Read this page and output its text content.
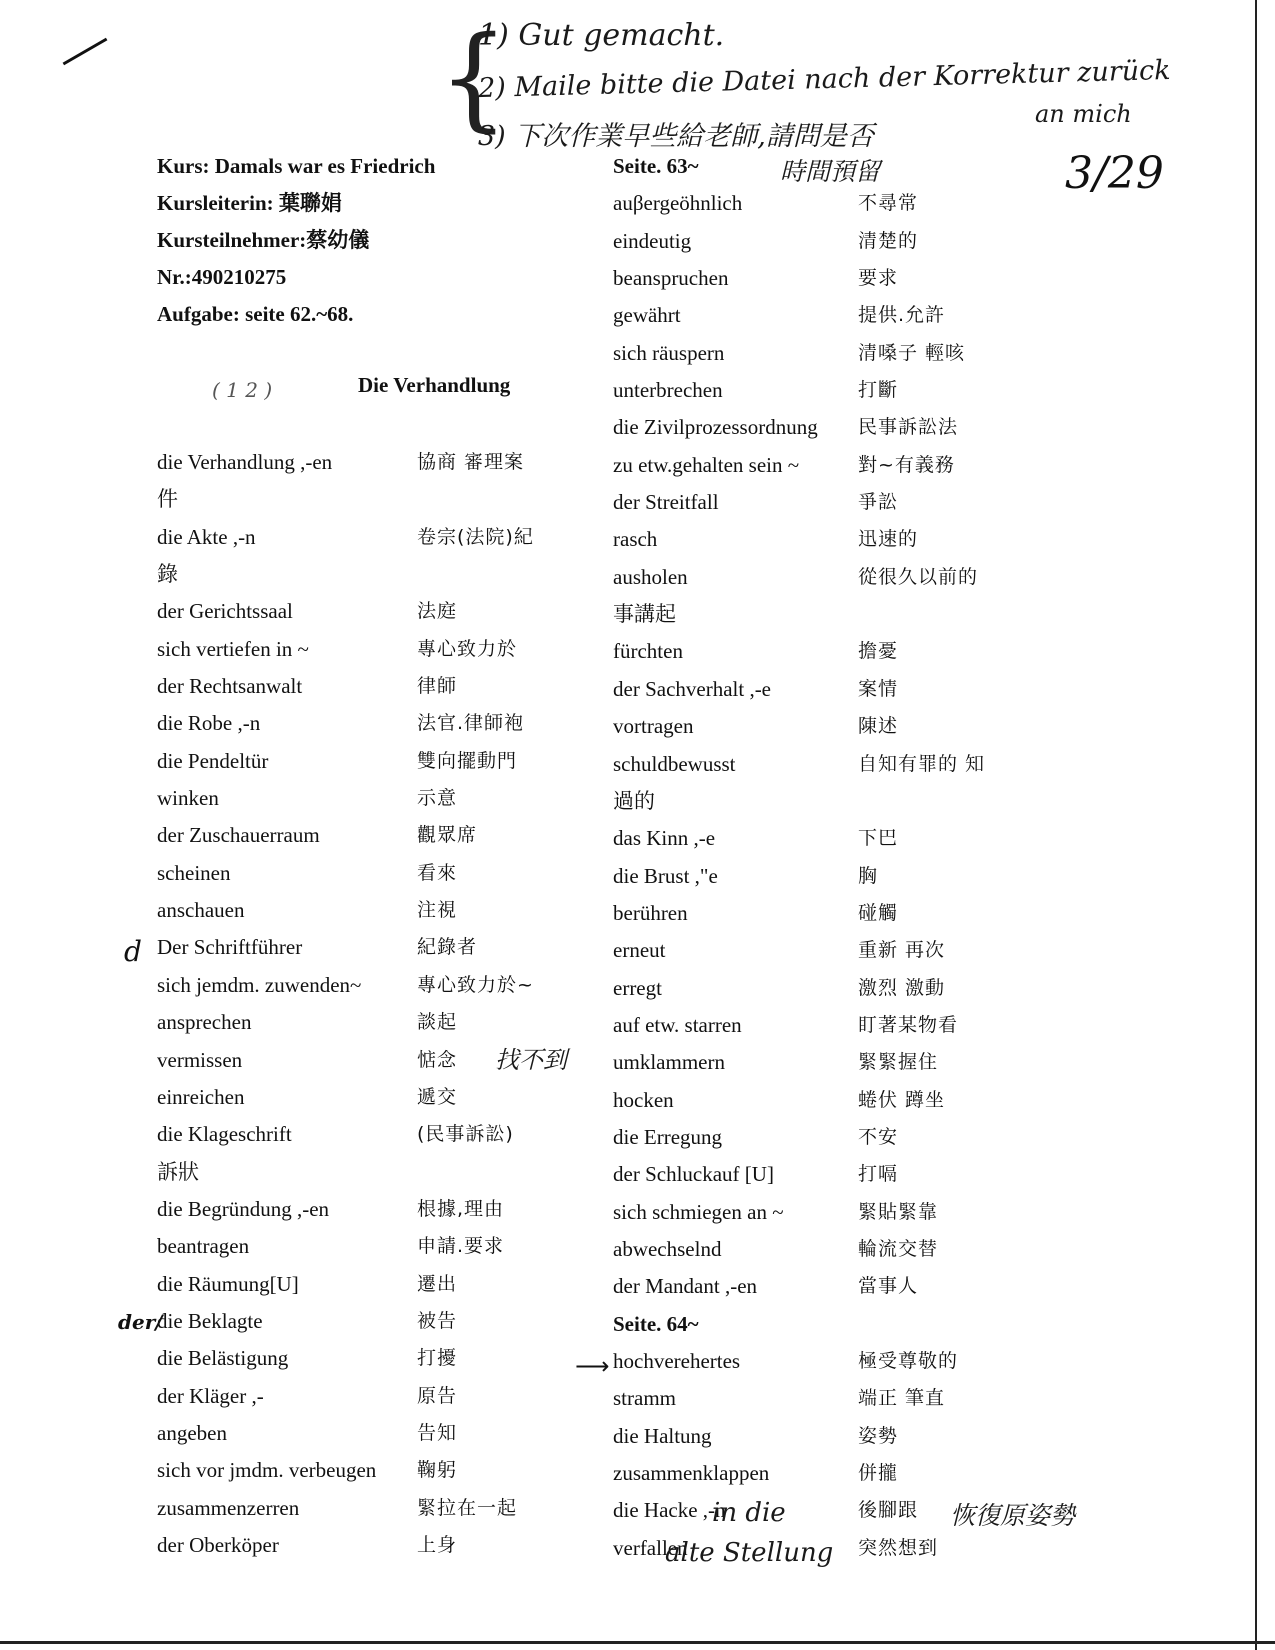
{
1) Gut gemacht.
2) Maile bitte die Datei nach der Korrektur zurück
an mich
3) 下次作業早些給老師,請問是否
時間預留	3/29
Kurs: Damals war es Friedrich
Kursleiterin: 葉聯娟
Kursteilnehmer:蔡幼儀
Nr.:490210275
Aufgabe: seite 62.~68.
( 1 2 )	Die Verhandlung
die Verhandlung ,-en	協商 審理案
件
die Akte ,-n	卷宗(法院)紀
錄
der Gerichtssaal	法庭
sich vertiefen in ~	專心致力於
der Rechtsanwalt	律師
die Robe ,-n	法官.律師袍
die Pendeltür	雙向擺動門
winken	示意
der Zuschauerraum	觀眾席
scheinen	看來
anschauen	注視
Der Schriftführer	紀錄者
sich jemdm. zuwenden~	專心致力於~
ansprechen	談起
vermissen	惦念
einreichen	遞交
die Klageschrift	(民事訴訟)
訴狀
die Begründung ,-en	根據,理由
beantragen	申請.要求
die Räumung[U]	遷出
die Beklagte	被告
die Belästigung	打擾
der Kläger ,-	原告
angeben	告知
sich vor jmdm. verbeugen 鞠躬
zusammenzerren	緊拉在一起
der Oberköper	上身
Seite. 63~
auβergeöhnlich	不尋常
eindeutig	清楚的
beanspruchen	要求
gewährt	提供.允許
sich räuspern	清嗓子 輕咳
unterbrechen	打斷
die Zivilprozessordnung 民事訴訟法
zu etw.gehalten sein ~	對~有義務
der Streitfall	爭訟
rasch	迅速的
ausholen	從很久以前的
事講起
fürchten	擔憂
der Sachverhalt ,-e	案情
vortragen	陳述
schuldbewusst	自知有罪的 知
過的
das Kinn ,-e	下巴
die Brust ,"e	胸
berühren	碰觸
erneut	重新 再次
erregt	激烈 激動
auf etw. starren	盯著某物看
umklammern	緊緊握住
hocken	蜷伏 蹲坐
die Erregung	不安
der Schluckauf [U]	打嗝
sich schmiegen an ~	緊貼緊靠
abwechselnd	輪流交替
der Mandant ,-en	當事人
Seite. 64~
hochverehertes	極受尊敬的
stramm	端正 筆直
die Haltung	姿勢
zusammenklappen	併攏
die Hacke ,-n	後腳跟
verfallen	突然想到
d
der/
⟶
找不到
in die
alte Stellung
恢復原姿勢
